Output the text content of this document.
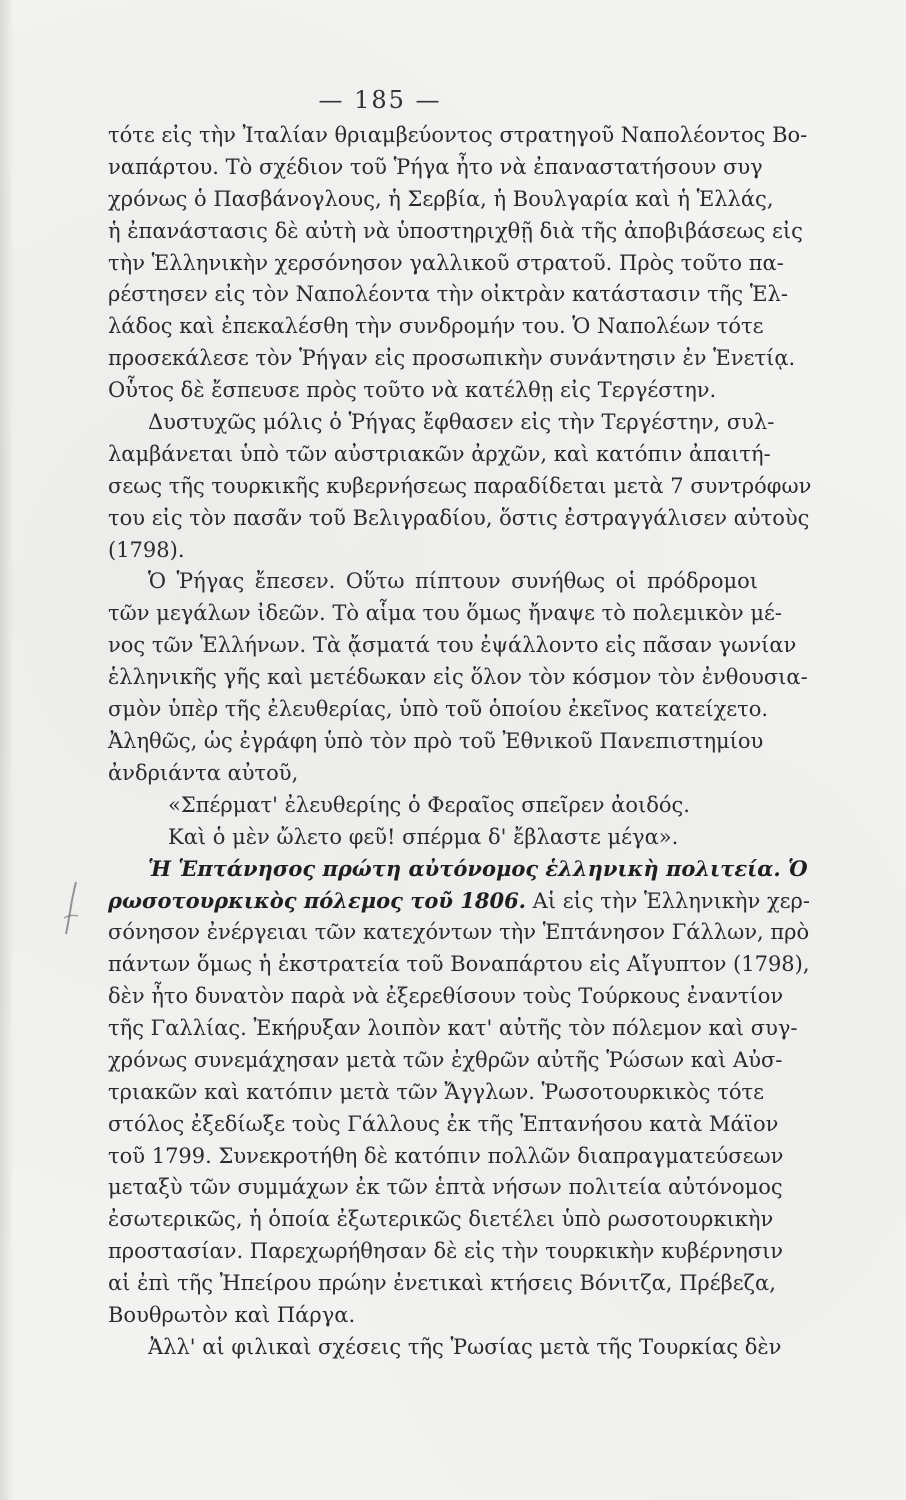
— 185 —
τότε εἰς τὴν Ἰταλίαν θριαμβεύοντος στρατηγοῦ Ναπολέοντος Βο-
ναπάρτου. Τὸ σχέδιον τοῦ Ῥήγα ἦτο νὰ ἐπαναστατήσουν συγ
χρόνως ὁ Πασβάνογλους, ἡ Σερβία, ἡ Βουλγαρία καὶ ἡ Ἑλλάς,
ἡ ἐπανάστασις δὲ αὐτὴ νὰ ὑποστηριχθῇ διὰ τῆς ἀποβιβάσεως εἰς
τὴν Ἑλληνικὴν χερσόνησον γαλλικοῦ στρατοῦ. Πρὸς τοῦτο πα-
ρέστησεν εἰς τὸν Ναπολέοντα τὴν οἰκτρὰν κατάστασιν τῆς Ἑλ-
λάδος καὶ ἐπεκαλέσθη τὴν συνδρομήν του. Ὁ Ναπολέων τότε
προσεκάλεσε τὸν Ῥήγαν εἰς προσωπικὴν συνάντησιν ἐν Ἑνετίᾳ.
Οὗτος δὲ ἔσπευσε πρὸς τοῦτο νὰ κατέλθῃ εἰς Τεργέστην.
Δυστυχῶς μόλις ὁ Ῥήγας ἔφθασεν εἰς τὴν Τεργέστην, συλ-
λαμβάνεται ὑπὸ τῶν αὐστριακῶν ἀρχῶν, καὶ κατόπιν ἀπαιτή-
σεως τῆς τουρκικῆς κυβερνήσεως παραδίδεται μετὰ 7 συντρόφων
του εἰς τὸν πασᾶν τοῦ Βελιγραδίου, ὅστις ἐστραγγάλισεν αὐτοὺς
(1798).
Ὁ Ῥήγας ἔπεσεν. Οὕτω πίπτουν συνήθως οἱ πρόδρομοι
τῶν μεγάλων ἰδεῶν. Τὸ αἷμα του ὅμως ἤναψε τὸ πολεμικὸν μέ-
νος τῶν Ἑλλήνων. Τὰ ᾄσματά του ἐψάλλοντο εἰς πᾶσαν γωνίαν
ἑλληνικῆς γῆς καὶ μετέδωκαν εἰς ὅλον τὸν κόσμον τὸν ἐνθουσια-
σμὸν ὑπὲρ τῆς ἐλευθερίας, ὑπὸ τοῦ ὁποίου ἐκεῖνος κατείχετο.
Ἀληθῶς, ὡς ἐγράφη ὑπὸ τὸν πρὸ τοῦ Ἐθνικοῦ Πανεπιστημίου
ἀνδριάντα αὐτοῦ,
«Σπέρματ' ἐλευθερίης ὁ Φεραῖος σπεῖρεν ἀοιδός.
Καὶ ὁ μὲν ὤλετο φεῦ! σπέρμα δ' ἔβλαστε μέγα».
Ἡ Ἑπτάνησος πρώτη αὐτόνομος ἑλληνικὴ πολιτεία. Ὁ
ρωσοτουρκικὸς πόλεμος τοῦ 1806. Αἱ εἰς τὴν Ἑλληνικὴν χερ-
σόνησον ἐνέργειαι τῶν κατεχόντων τὴν Ἑπτάνησον Γάλλων, πρὸ
πάντων ὅμως ἡ ἐκστρατεία τοῦ Βοναπάρτου εἰς Αἴγυπτον (1798),
δὲν ἦτο δυνατὸν παρὰ νὰ ἐξερεθίσουν τοὺς Τούρκους ἐναντίον
τῆς Γαλλίας. Ἐκήρυξαν λοιπὸν κατ' αὐτῆς τὸν πόλεμον καὶ συγ-
χρόνως συνεμάχησαν μετὰ τῶν ἐχθρῶν αὐτῆς Ῥώσων καὶ Αὐσ-
τριακῶν καὶ κατόπιν μετὰ τῶν Ἄγγλων. Ῥωσοτουρκικὸς τότε
στόλος ἐξεδίωξε τοὺς Γάλλους ἐκ τῆς Ἑπτανήσου κατὰ Μάϊον
τοῦ 1799. Συνεκροτήθη δὲ κατόπιν πολλῶν διαπραγματεύσεων
μεταξὺ τῶν συμμάχων ἐκ τῶν ἑπτὰ νήσων πολιτεία αὐτόνομος
ἐσωτερικῶς, ἡ ὁποία ἐξωτερικῶς διετέλει ὑπὸ ρωσοτουρκικὴν
προστασίαν. Παρεχωρήθησαν δὲ εἰς τὴν τουρκικὴν κυβέρνησιν
αἱ ἐπὶ τῆς Ἠπείρου πρώην ἐνετικαὶ κτήσεις Βόνιτζα, Πρέβεζα,
Βουθρωτὸν καὶ Πάργα.
Ἀλλ' αἱ φιλικαὶ σχέσεις τῆς Ῥωσίας μετὰ τῆς Τουρκίας δὲν
